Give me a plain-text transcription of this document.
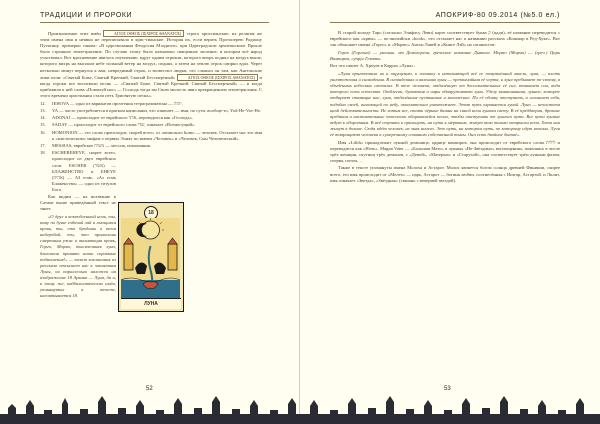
ТРАДИЦИИ И ПРОРОКИ

Произношение этих имён	ΑΓΙΟΣ ΟΘΕΟΣ (ΙΣΧΙΡΟΣ ΑΘΑΝΑΤΟΣ) строго христианские, их религия же этим имена имя и неявно не переписывала в хрис-тианские. История их, если верить Протоиерею Родиону Путятину, примерно такова: «В царствовании Феодосия Младшего, при Цареградском архиепископе Прокле было страшное землетрясение. По случаю этому было назначено священное моление, в котором всё народ участвовал. Вот вдохновение явилось изумлению, вдруг одним отроком, которого вихрь поднял на воздух выше, которого вихрь на высоком небе сильный ветер на воздух, поднял, а затем на землю отрок смирно вдал. Через несколько минут вернулся к вам, невредимый отрок, и возвестил людям, что слышал он там, как Ангельские лики пели: «Святый Боже, Святый Крепкий, Святый Бессмертный»	ΑΓΙΟΣ ΟΘΕΟΣ (ΙΣΧΙΡΟΣ ΑΘΑΝΑΤΟΣ) и когда отроки все воспевали песнь — «Святый Боже, Святый Крепкий, Святый Бессмертный» — и когда прибавили к ней слова «Помилуй нас» — Господь тогда им Свою милость явил прекращением землетрясения. С этого времени христианин стали петь Трисвятую песнь».

12.	IEHOVA — одно из вариантов прочтения тетраграмматона — יהוה.
13.	YA — часто употребляется в кратком написании, что означает — имя, по сути, вообще-то, Yod-He-Vav-He.
14.	ADONAI — происходит от еврейского אדני, переводится как «Господь».
15.	SADAY — происходит от еврейского слова שדי, означает «Всемогущий».
16.	HOMONION — это слово происходит, скорей всего, от латинского homo — человек. Отсылает нас это имя к «мистическим» мифам о первых Эонах по имени «Человек» и «Человек, Сын Человеческий».
17.	MESSIAS, еврейское משיח — мессия, помазанник.
18.	ESCHEREHEYE, скорее всего, происходит из двух еврейских слов: ESCHER (אשר) — БЛАЖЕНСТВО и EHEYE (אהיה) — АЗ есмь. «Аз есмь Блаженство» — одно из титулов Бога.

Как видим — на воззвание к Сатане выше приведённый текст не тянет.

«О друг и возлюбленный ночь, ты, кому по душе собачий лай и льющаяся кровь, ты, что бродишь в тени надгробий, ты, что приносишь смертным ужас и внимающая кровь, Горго, Мормо, тысячеликая луна, благоволи принять наши скромные подношения!» — текст заклинания из рассказа отсылает нас к заклятиям Луны, он параллельно наложен на изображение 18 Аркана — Луна, да и, к тому же, каббалистических имён, упомянутых в тексте, насчитывается 18.

18
ЛУНА
52
АПОКРИФ-80 09.2014 (№5.0 ел.)

В старой колоде Таро (согласно Элифасу Леви) карте соответствует буква ק (цади), её название переводится с еврейского как «крюк» — по-английски «hook», что отсылает нас к названию рассказа «Кошмар в Ред-Хуке». Вот так объясняет имена «Горго» и «Мормо» Антон Лавей в «Книге Лэй» на сатанистов:

Горго (Горгона) — уменьш. от Демогоргон, греческое название Дьявола. Мормо (Мормо) — (греч.) Царь Вампиров, супруг Гекаты.

Вот что пишет А. Хроуев в Каррах «Луна»:

«Луна приготовила их к ощущению, к излишку и наполняющей всё ее помутнённой мысли, луна, — плоть уничтожения и сновидения. В сновидениях и явлениях луны — чрезвычайная её черта, и луна пребывает по-своему, в обыденных небесных светилах. В теле человека, отдалённую от бессознательных её сил, возникает сон, вода которого есть естество. Отблески, дуновения и чары обнаруживают луна. Уделу вынашивания, лунное, которое отбирает ставящие нас, луна, отдалённые пустынные и магические. По её облику отступить, и оглашает себя, подобно своей, шагающей по небу, окончательно уничтожает. Этот путь охраняется луной. Луна — нечистота иной действительности. Не хотим все, стать чёрные башни на синей ночи лунном свету. В её преддверии, древние предания и настоятельные отголоски оборвавшейся песни, чтобы отступить от лунного пути. Все пути лунные ведут к оборотням. В неё ступить и прильнуть, на пути к мёртвым, живут там только отпрыски ночи. Хотя они живут в долине. Сюда идёт человек, не зная ничего. Это путь, на котором путь, по которому идут ночами. Лучи её возвращают человека к сумеречному сознанию собственной тьмы. Она есть двойное бытиё».

Имя «Lilith» принадлежит лунной демонице, царице вампиров, она происходит от еврейского слова לילית и переводится как «Ночь». Magna Vater — «Большая Мать» в лунных «Не-Звёздных» воплощениях, появляясь в числе трёх женщин, спутниц трёх демонов, с «Девой», «Матерью» и «Старухой», она соответствует трём лунным фазам, сперва, потом, ...

Также в тексте упомянуты имена Молоха и Астарот. Молох является богом солнца древней Финикии, скорее всего, его имя происходит от «Мелех» — царь, Астарот — богиня любви, соотнесённая с Иштар, Астартой, и Лилит, имя означает «Звезда», «Звёздная» (связано с вечерней звездой).

53
